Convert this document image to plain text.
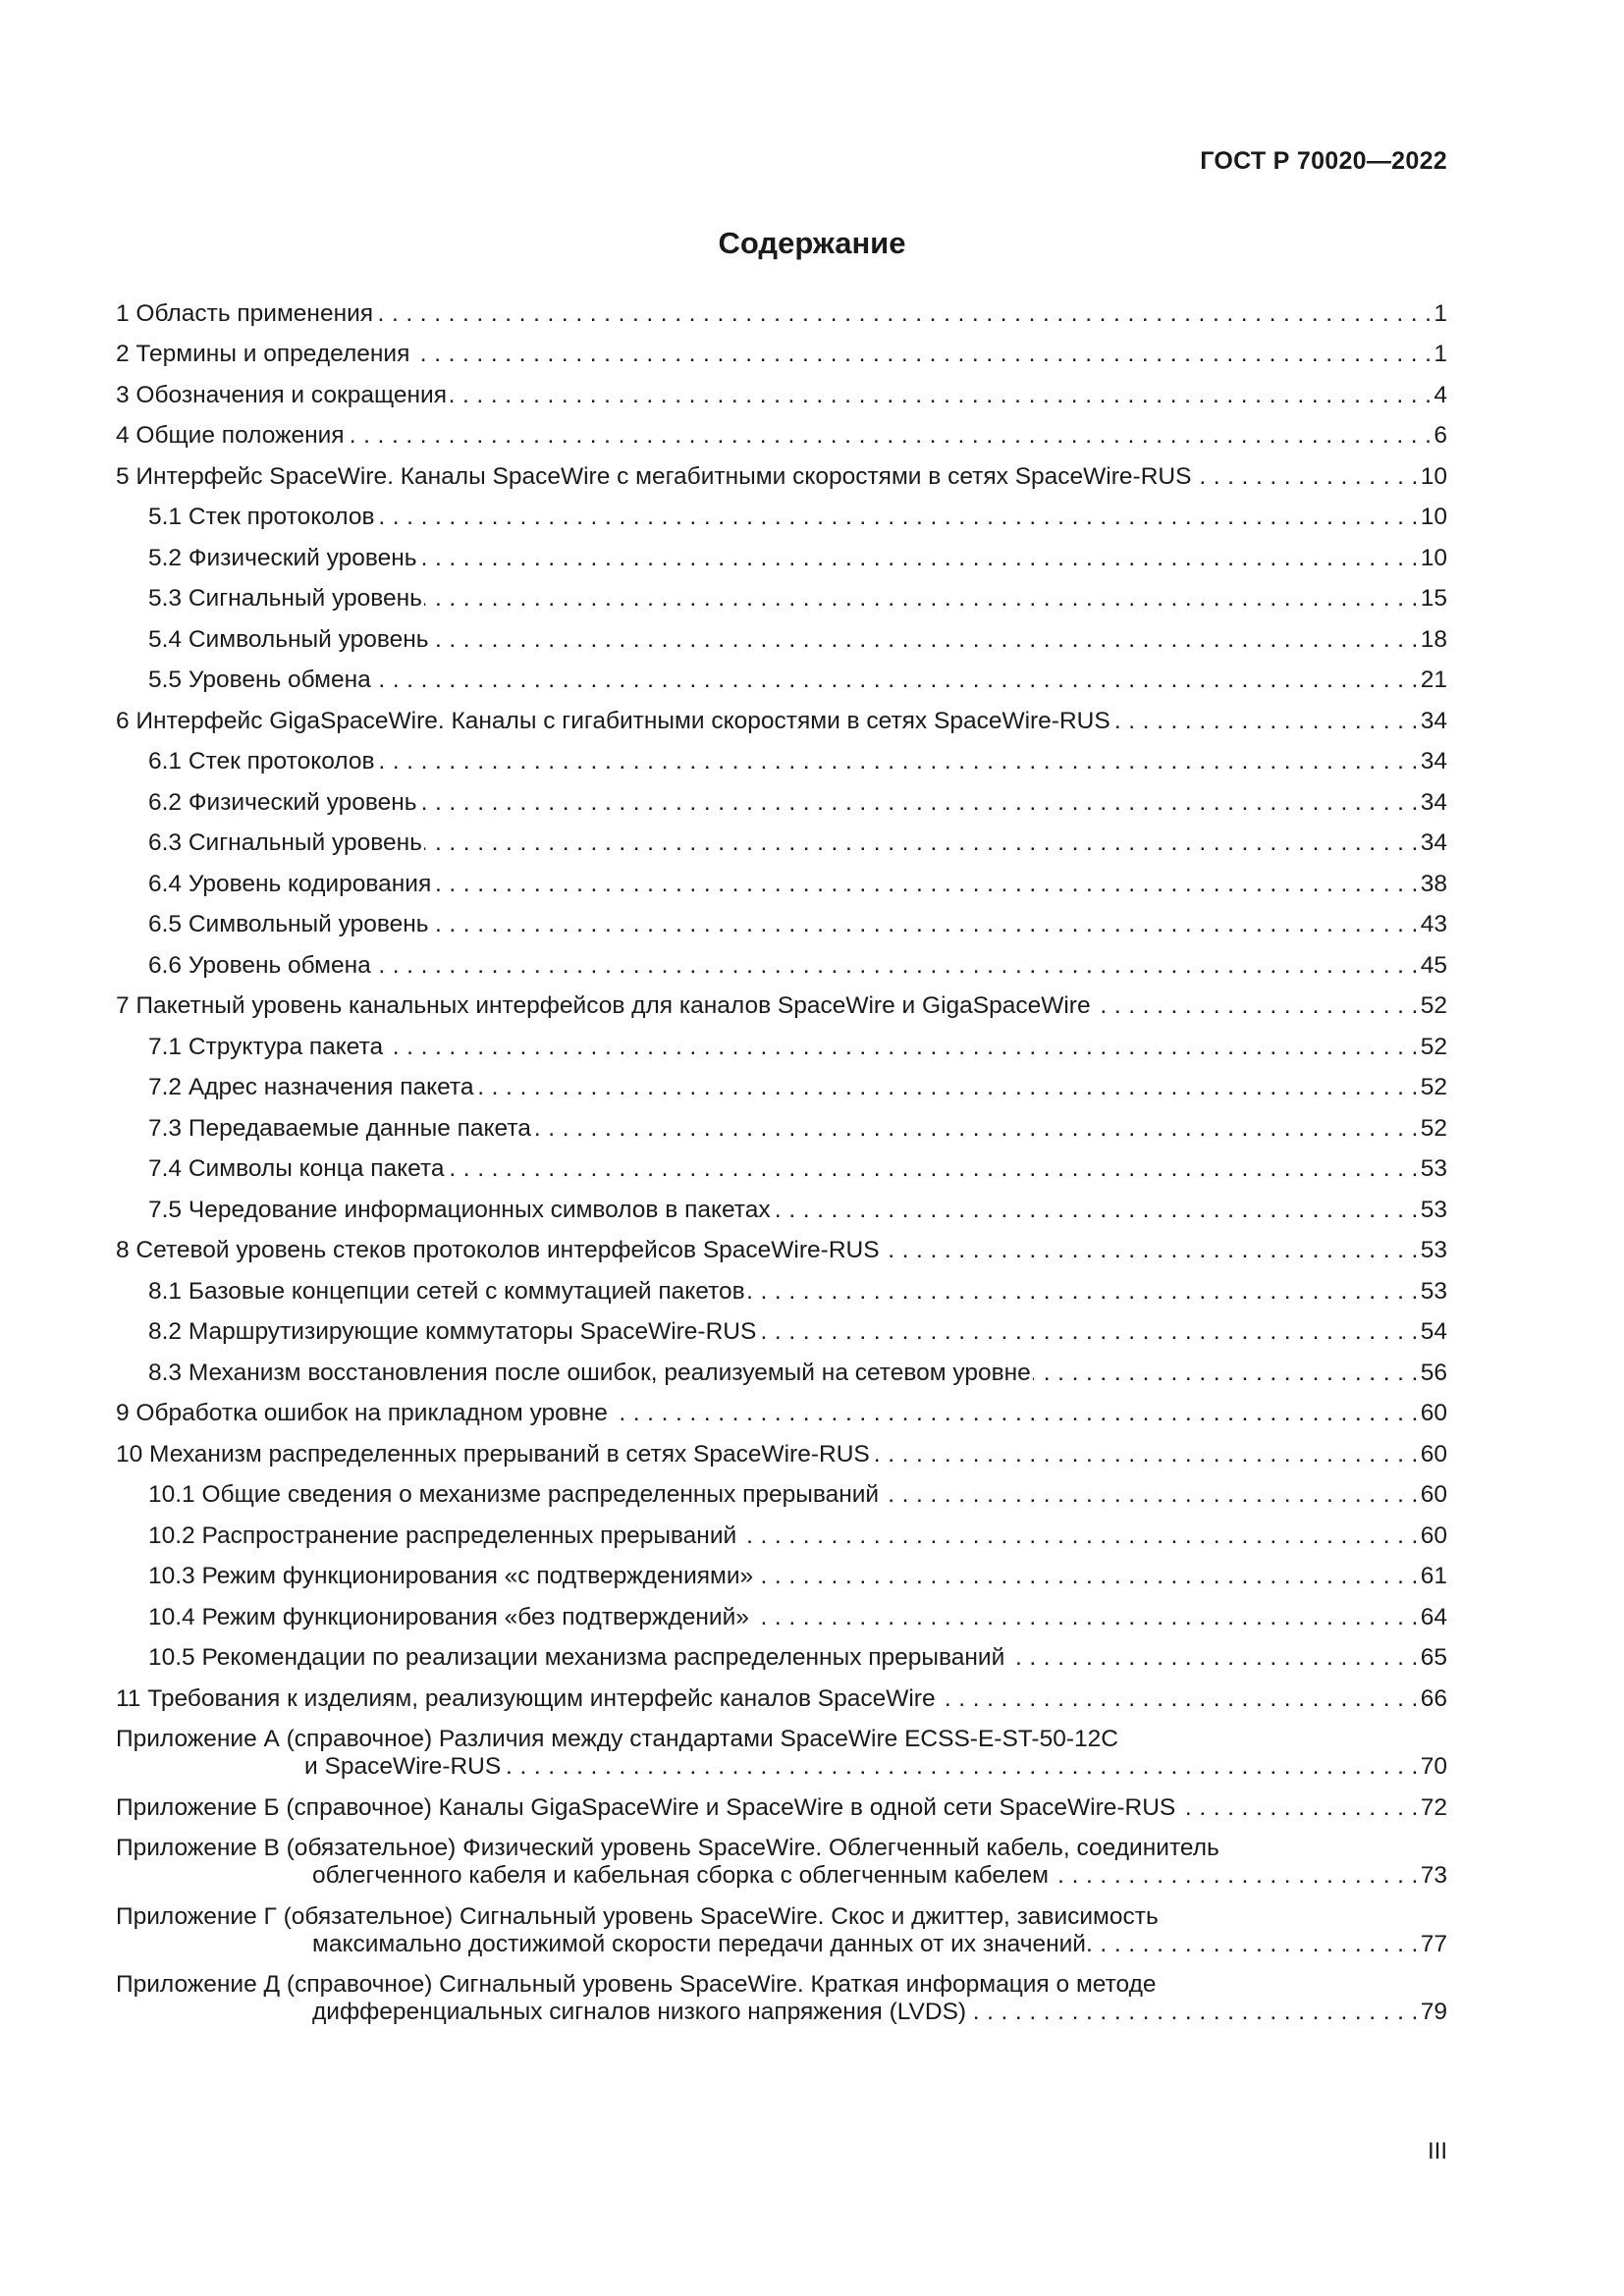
ГОСТ Р 70020—2022
Содержание
1 Область применения . . .	1
2 Термины и определения . . .	1
3 Обозначения и сокращения . . .	4
4 Общие положения . . .	6
5 Интерфейс SpaceWire. Каналы SpaceWire с мегабитными скоростями в сетях SpaceWire-RUS . . .	10
5.1 Стек протоколов . . .	10
5.2 Физический уровень . . .	10
5.3 Сигнальный уровень . . .	15
5.4 Символьный уровень . . .	18
5.5 Уровень обмена . . .	21
6 Интерфейс GigaSpaceWire. Каналы с гигабитными скоростями в сетях SpaceWire-RUS . . .	34
6.1 Стек протоколов . . .	34
6.2 Физический уровень . . .	34
6.3 Сигнальный уровень . . .	34
6.4 Уровень кодирования . . .	38
6.5 Символьный уровень . . .	43
6.6 Уровень обмена . . .	45
7 Пакетный уровень канальных интерфейсов для каналов SpaceWire и GigaSpaceWire . . .	52
7.1 Структура пакета . . .	52
7.2 Адрес назначения пакета . . .	52
7.3 Передаваемые данные пакета . . .	52
7.4 Символы конца пакета . . .	53
7.5 Чередование информационных символов в пакетах . . .	53
8 Сетевой уровень стеков протоколов интерфейсов SpaceWire-RUS . . .	53
8.1 Базовые концепции сетей с коммутацией пакетов . . .	53
8.2 Маршрутизирующие коммутаторы SpaceWire-RUS . . .	54
8.3 Механизм восстановления после ошибок, реализуемый на сетевом уровне . . .	56
9 Обработка ошибок на прикладном уровне . . .	60
10 Механизм распределенных прерываний в сетях SpaceWire-RUS . . .	60
10.1 Общие сведения о механизме распределенных прерываний . . .	60
10.2 Распространение распределенных прерываний . . .	60
10.3 Режим функционирования «с подтверждениями» . . .	61
10.4 Режим функционирования «без подтверждений» . . .	64
10.5 Рекомендации по реализации механизма распределенных прерываний . . .	65
11 Требования к изделиям, реализующим интерфейс каналов SpaceWire . . .	66
Приложение А (справочное) Различия между стандартами SpaceWire ECSS-E-ST-50-12C
и SpaceWire-RUS . . .	70
Приложение Б (справочное) Каналы GigaSpaceWire и SpaceWire в одной сети SpaceWire-RUS . . .	72
Приложение В (обязательное) Физический уровень SpaceWire. Облегченный кабель, соединитель
облегченного кабеля и кабельная сборка с облегченным кабелем . . .	73
Приложение Г (обязательное) Сигнальный уровень SpaceWire. Скос и джиттер, зависимость
максимально достижимой скорости передачи данных от их значений . . .	77
Приложение Д (справочное) Сигнальный уровень SpaceWire. Краткая информация о методе
дифференциальных сигналов низкого напряжения (LVDS) . . .	79
III
